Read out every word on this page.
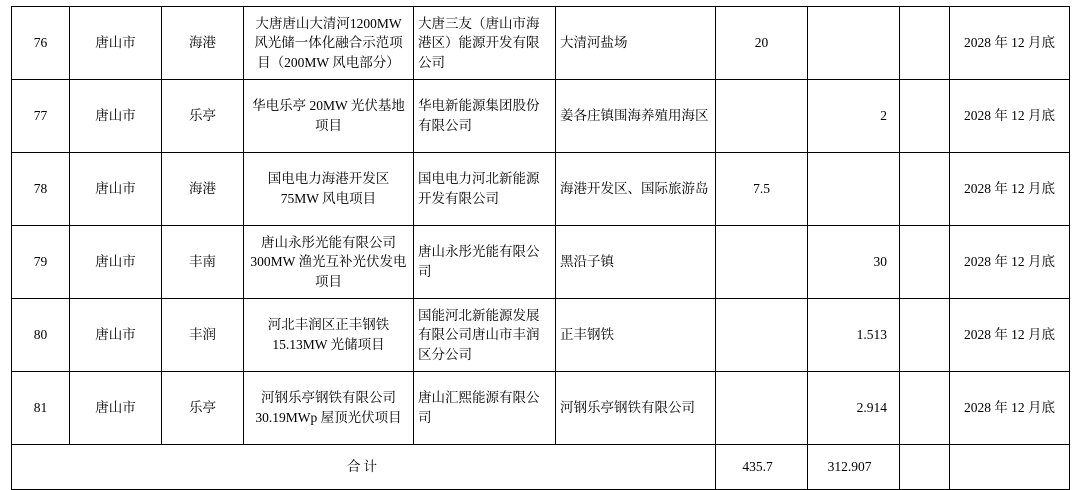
76	唐山市	海港	大唐唐山大清河1200MW 风光储一体化融合示范项目（200MW 风电部分）	大唐三友（唐山市海港区）能源开发有限公司	大清河盐场	20			2028 年 12 月底
77	唐山市	乐亭	华电乐亭 20MW 光伏基地项目	华电新能源集团股份有限公司	姜各庄镇围海养殖用海区		2		2028 年 12 月底
78	唐山市	海港	国电电力海港开发区 75MW 风电项目	国电电力河北新能源开发有限公司	海港开发区、国际旅游岛	7.5			2028 年 12 月底
79	唐山市	丰南	唐山永彤光能有限公司 300MW 渔光互补光伏发电项目	唐山永彤光能有限公司	黑沿子镇		30		2028 年 12 月底
80	唐山市	丰润	河北丰润区正丰钢铁 15.13MW 光储项目	国能河北新能源发展有限公司唐山市丰润区分公司	正丰钢铁		1.513		2028 年 12 月底
81	唐山市	乐亭	河钢乐亭钢铁有限公司 30.19MWp 屋顶光伏项目	唐山汇熙能源有限公司	河钢乐亭钢铁有限公司		2.914		2028 年 12 月底
合计						435.7	312.907		
